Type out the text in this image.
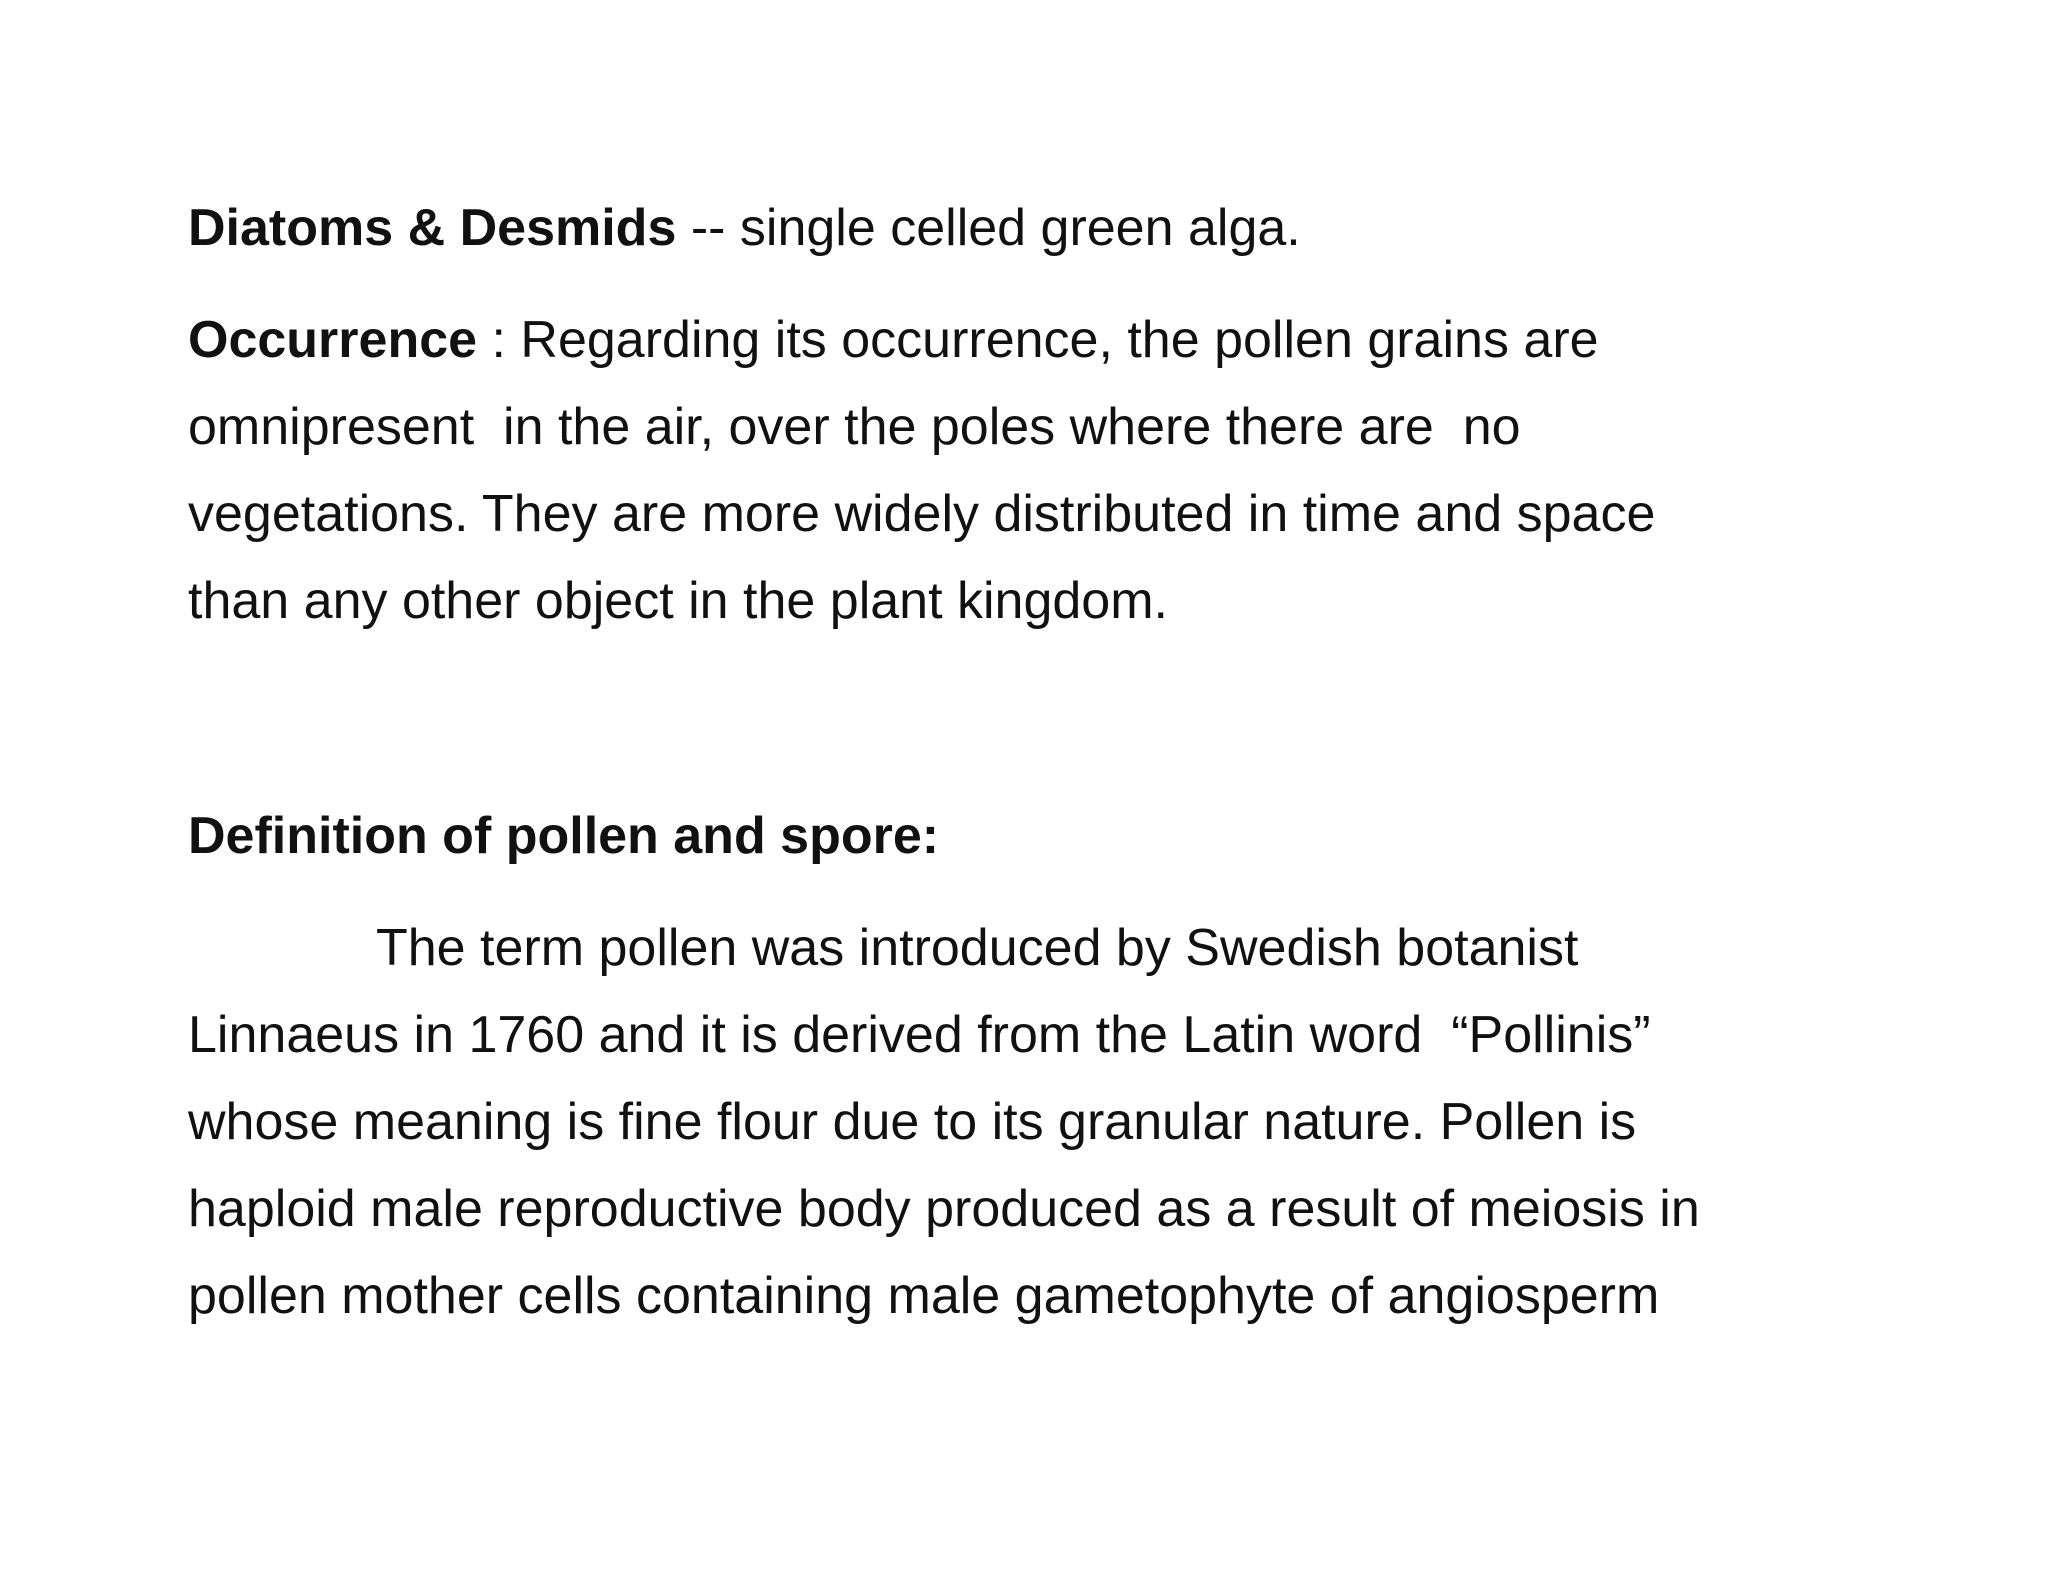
Diatoms & Desmids -- single celled green alga.
Occurrence : Regarding its occurrence, the pollen grains are
omnipresent  in the air, over the poles where there are  no
vegetations. They are more widely distributed in time and space
than any other object in the plant kingdom.
Definition of pollen and spore:
The term pollen was introduced by Swedish botanist
Linnaeus in 1760 and it is derived from the Latin word  “Pollinis”
whose meaning is fine flour due to its granular nature. Pollen is
haploid male reproductive body produced as a result of meiosis in
pollen mother cells containing male gametophyte of angiosperm
